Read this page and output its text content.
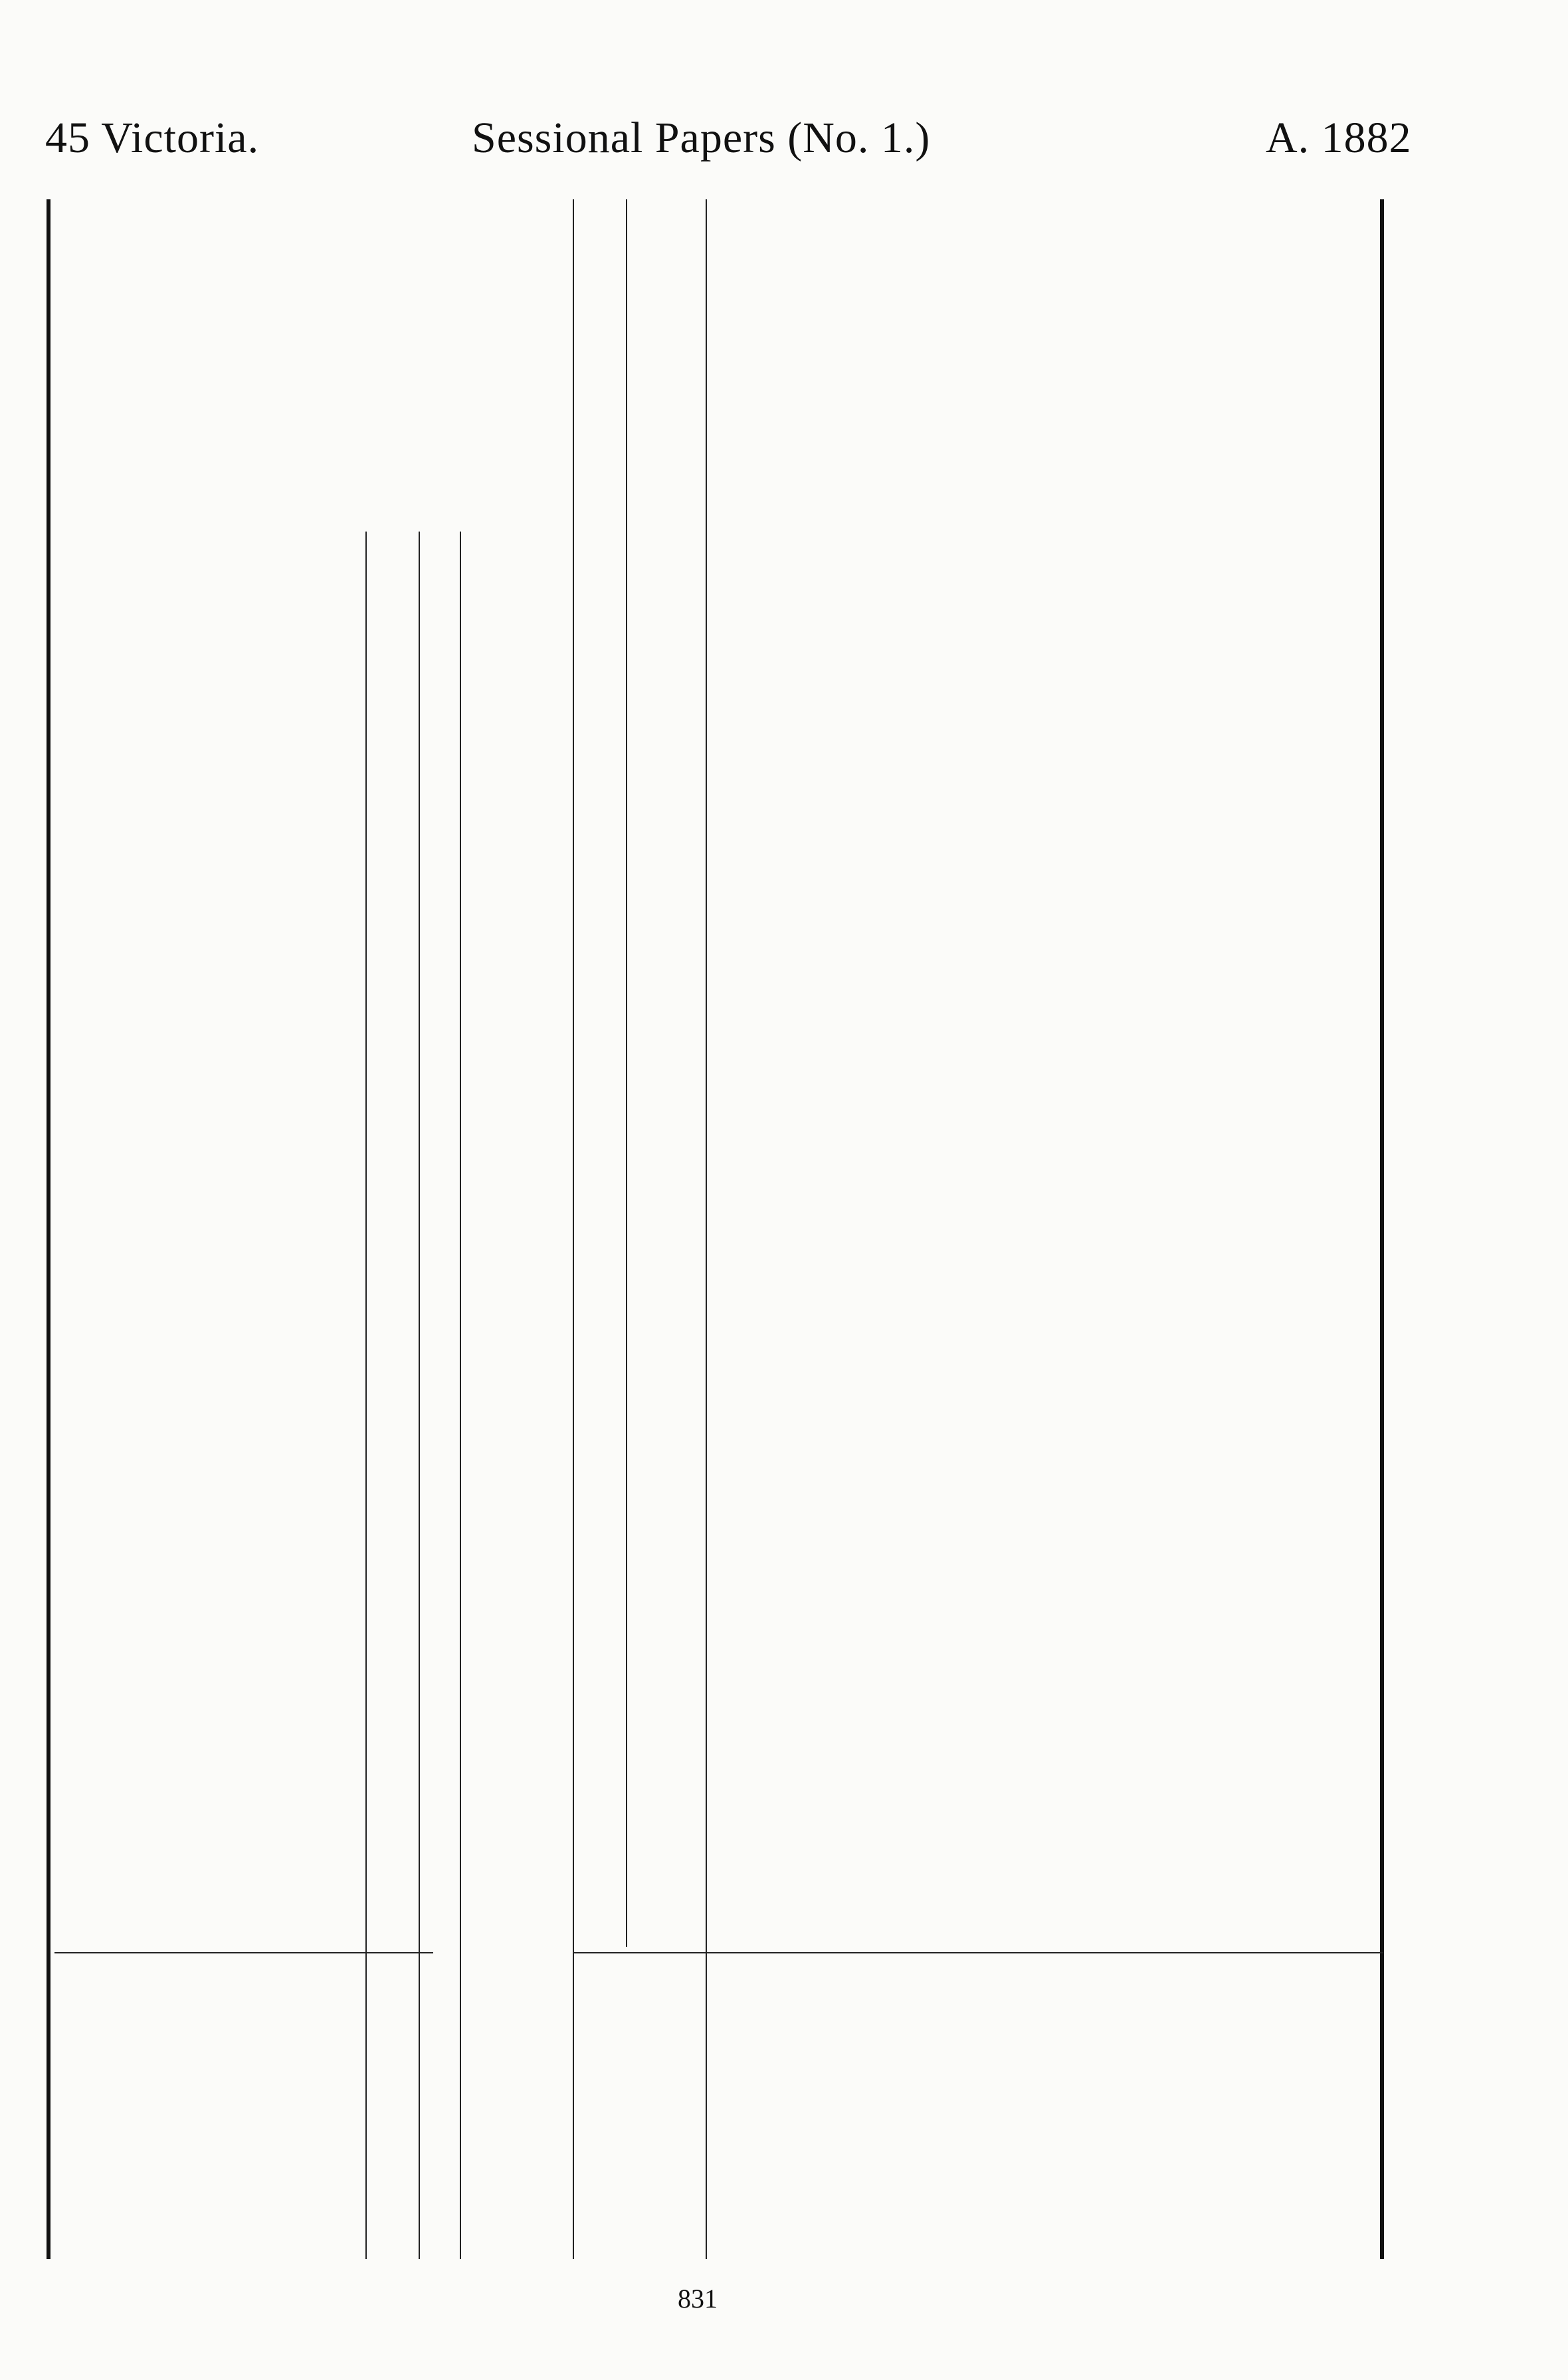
45 Victoria.	Sessional Papers (No. 1.)	A. 1882
831
